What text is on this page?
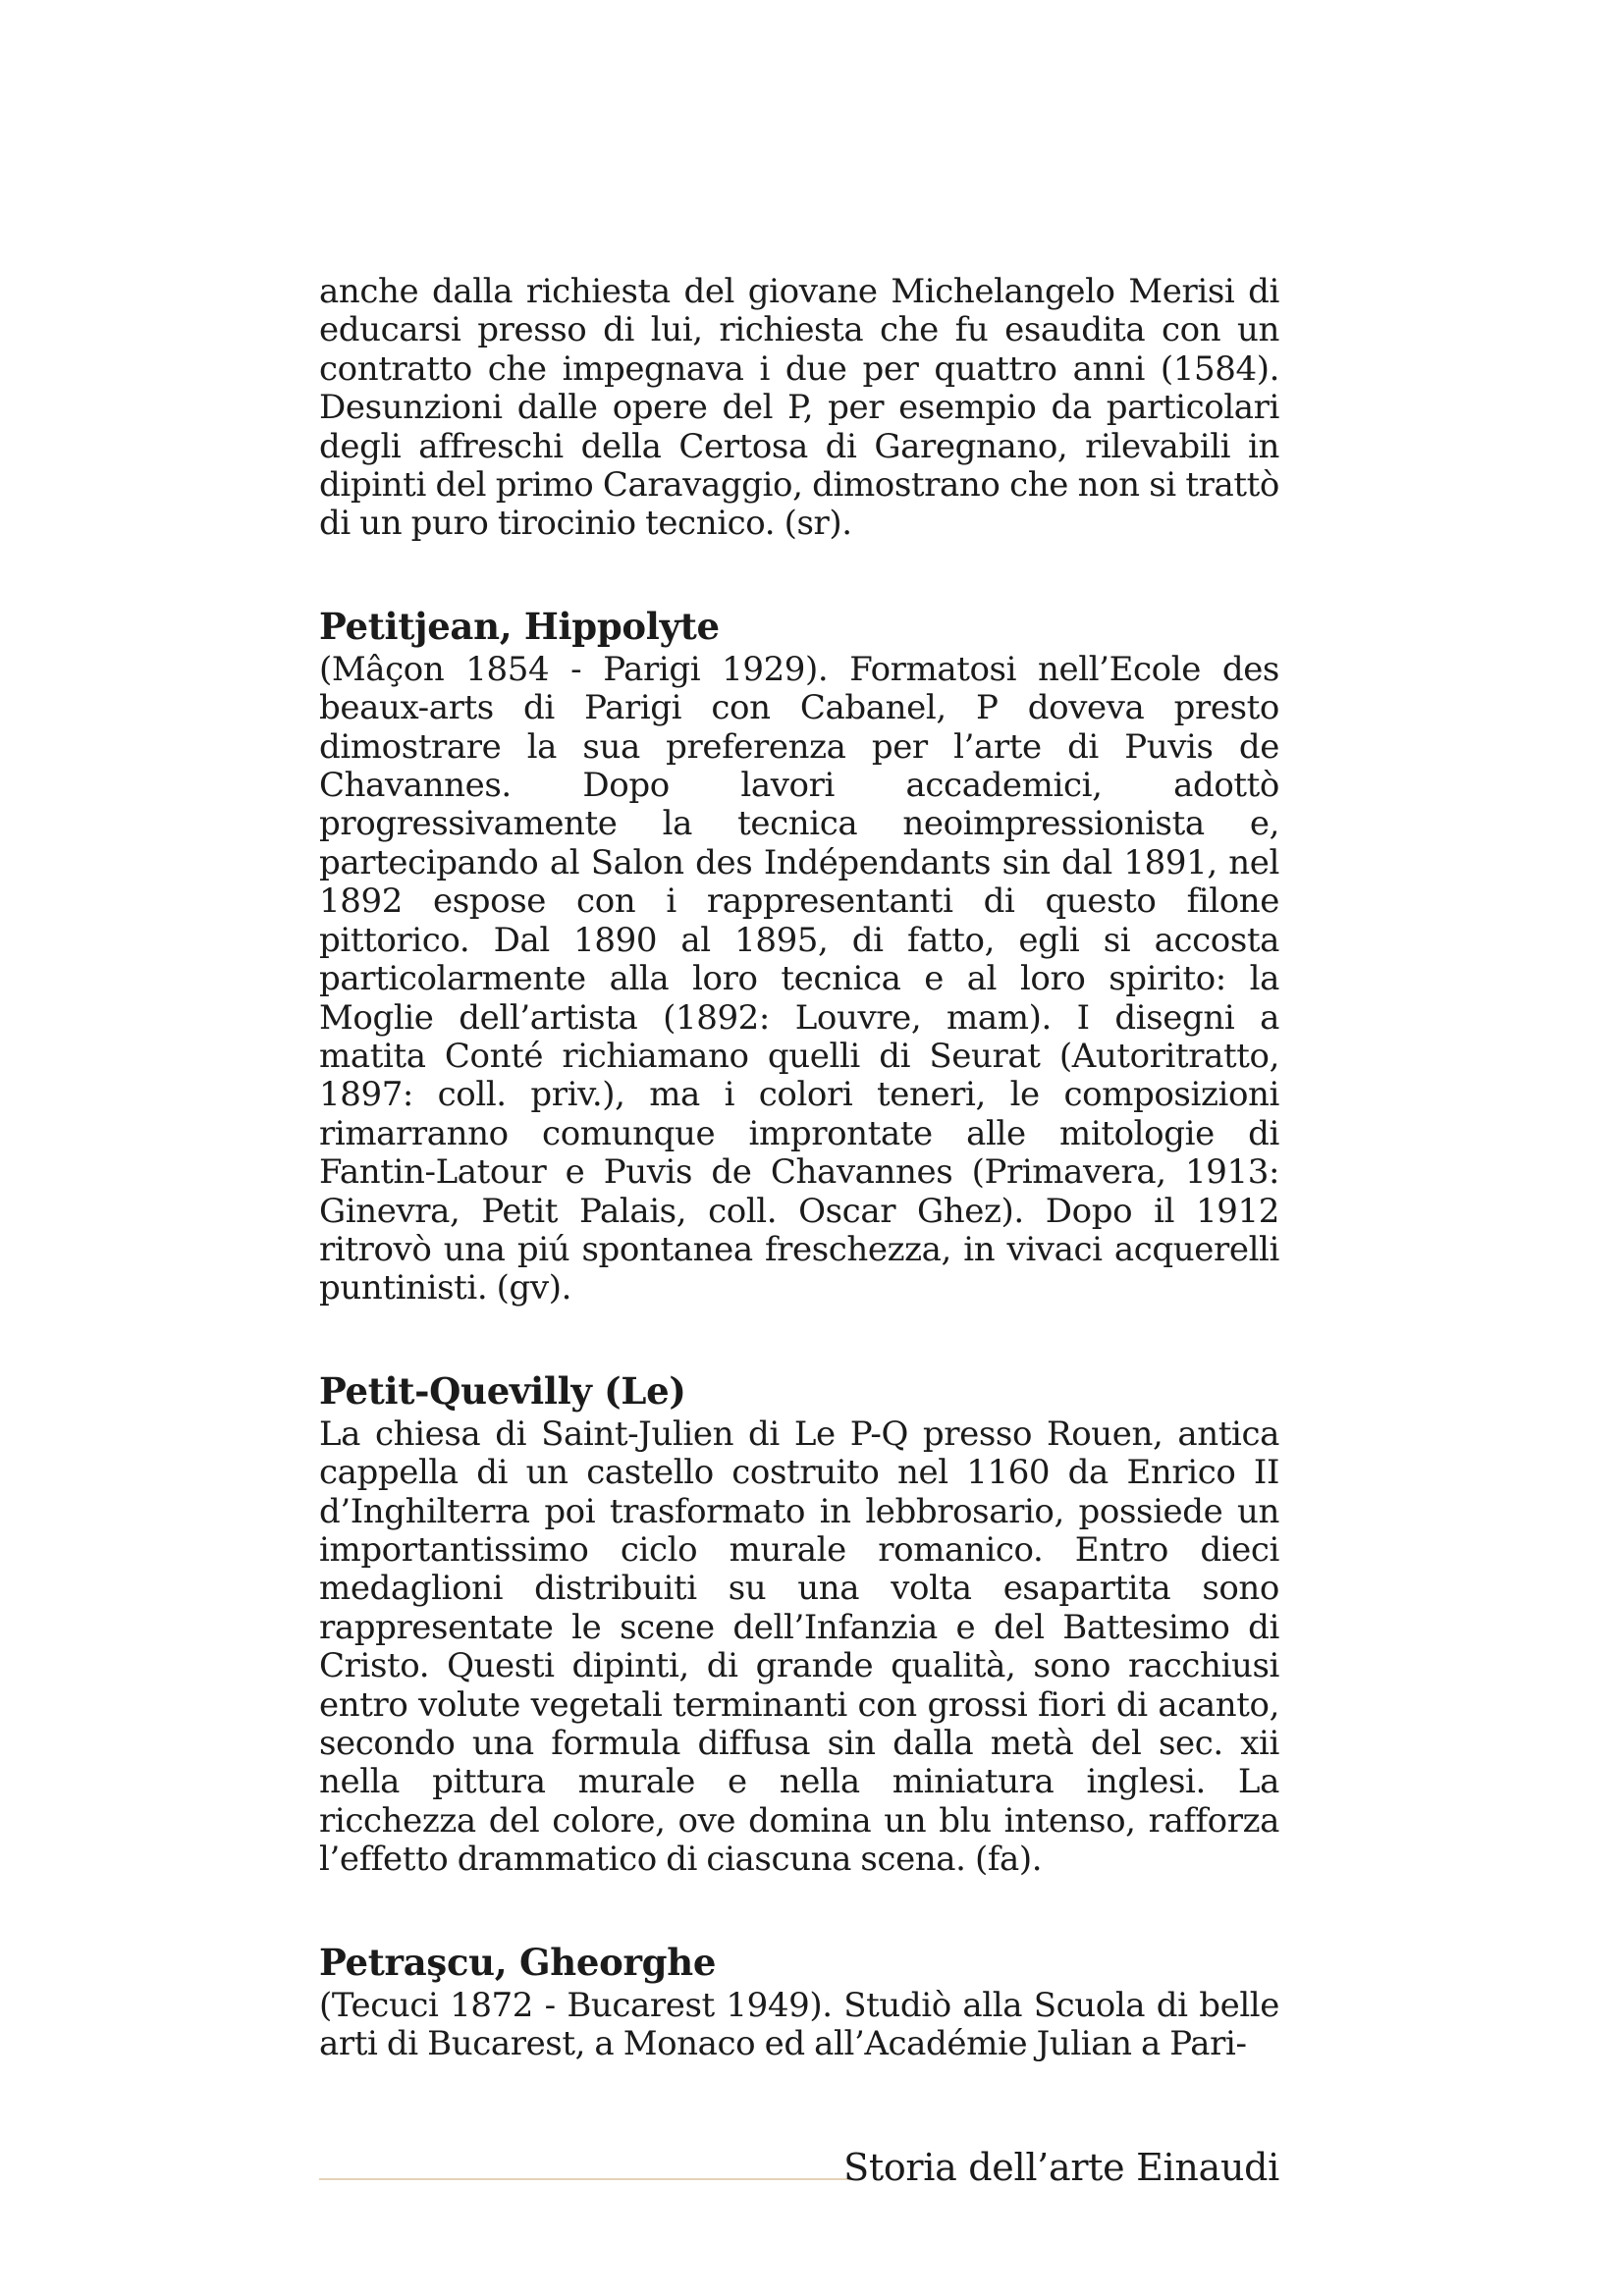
anche dalla richiesta del giovane Michelangelo Merisi di educarsi presso di lui, richiesta che fu esaudita con un contratto che impegnava i due per quattro anni (1584). Desunzioni dalle opere del P, per esempio da particolari degli affreschi della Certosa di Garegnano, rilevabili in dipinti del primo Caravaggio, dimostrano che non si trattò di un puro tirocinio tecnico. (sr).

Petitjean, Hippolyte

(Mâçon 1854 - Parigi 1929). Formatosi nell’Ecole des beaux-arts di Parigi con Cabanel, P doveva presto dimostrare la sua preferenza per l’arte di Puvis de Chavannes. Dopo lavori accademici, adottò progressivamente la tecnica neoimpressionista e, partecipando al Salon des Indépendants sin dal 1891, nel 1892 espose con i rappresentanti di questo filone pittorico. Dal 1890 al 1895, di fatto, egli si accosta particolarmente alla loro tecnica e al loro spirito: la Moglie dell’artista (1892: Louvre, mam). I disegni a matita Conté richiamano quelli di Seurat (Autoritratto, 1897: coll. priv.), ma i colori teneri, le composizioni rimarranno comunque improntate alle mitologie di Fantin-Latour e Puvis de Chavannes (Primavera, 1913: Ginevra, Petit Palais, coll. Oscar Ghez). Dopo il 1912 ritrovò una piú spontanea freschezza, in vivaci acquerelli puntinisti. (gv).

Petit-Quevilly (Le)

La chiesa di Saint-Julien di Le P-Q presso Rouen, antica cappella di un castello costruito nel 1160 da Enrico II d’Inghilterra poi trasformato in lebbrosario, possiede un importantissimo ciclo murale romanico. Entro dieci medaglioni distribuiti su una volta esapartita sono rappresentate le scene dell’Infanzia e del Battesimo di Cristo. Questi dipinti, di grande qualità, sono racchiusi entro volute vegetali terminanti con grossi fiori di acanto, secondo una formula diffusa sin dalla metà del sec. xii nella pittura murale e nella miniatura inglesi. La ricchezza del colore, ove domina un blu intenso, rafforza l’effetto drammatico di ciascuna scena. (fa).

Petraşcu, Gheorghe

(Tecuci 1872 - Bucarest 1949). Studiò alla Scuola di belle arti di Bucarest, a Monaco ed all’Académie Julian a Pari-

Storia dell’arte Einaudi
